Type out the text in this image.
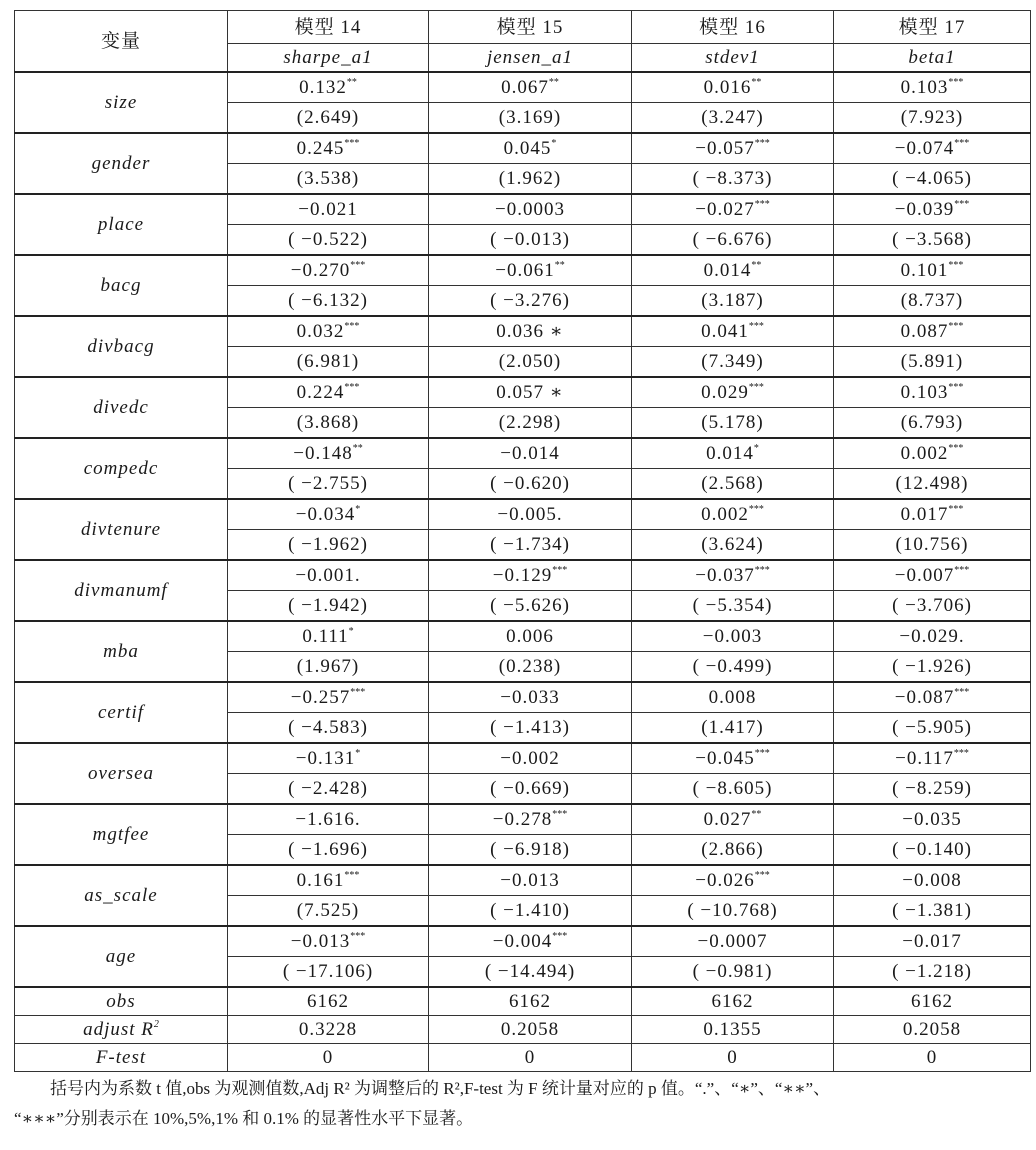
变量	模型 14	模型 15	模型 16	模型 17
	sharpe_a1	jensen_a1	stdev1	beta1
size	0.132**	0.067**	0.016**	0.103***
	(2.649)	(3.169)	(3.247)	(7.923)
gender	0.245***	0.045*	−0.057***	−0.074***
	(3.538)	(1.962)	( −8.373)	( −4.065)
place	−0.021	−0.0003	−0.027***	−0.039***
	( −0.522)	( −0.013)	( −6.676)	( −3.568)
bacg	−0.270***	−0.061**	0.014**	0.101***
	( −6.132)	( −3.276)	(3.187)	(8.737)
divbacg	0.032***	0.036 ∗	0.041***	0.087***
	(6.981)	(2.050)	(7.349)	(5.891)
divedc	0.224***	0.057 ∗	0.029***	0.103***
	(3.868)	(2.298)	(5.178)	(6.793)
compedc	−0.148**	−0.014	0.014*	0.002***
	( −2.755)	( −0.620)	(2.568)	(12.498)
divtenure	−0.034*	−0.005.	0.002***	0.017***
	( −1.962)	( −1.734)	(3.624)	(10.756)
divmanumf	−0.001.	−0.129***	−0.037***	−0.007***
	( −1.942)	( −5.626)	( −5.354)	( −3.706)
mba	0.111*	0.006	−0.003	−0.029.
	(1.967)	(0.238)	( −0.499)	( −1.926)
certif	−0.257***	−0.033	0.008	−0.087***
	( −4.583)	( −1.413)	(1.417)	( −5.905)
oversea	−0.131*	−0.002	−0.045***	−0.117***
	( −2.428)	( −0.669)	( −8.605)	( −8.259)
mgtfee	−1.616.	−0.278***	0.027**	−0.035
	( −1.696)	( −6.918)	(2.866)	( −0.140)
as_scale	0.161***	−0.013	−0.026***	−0.008
	(7.525)	( −1.410)	( −10.768)	( −1.381)
age	−0.013***	−0.004***	−0.0007	−0.017
	( −17.106)	( −14.494)	( −0.981)	( −1.218)
obs	6162	6162	6162	6162
adjust $R^2$	0.3228	0.2058	0.1355	0.2058
F-test	0	0	0	0
括号内为系数 t 值,obs 为观测值数,Adj R² 为调整后的 R²,F-test 为 F 统计量对应的 p 值。“.”、“∗”、“∗∗”、
“∗∗∗”分别表示在 10%,5%,1% 和 0.1% 的显著性水平下显著。
